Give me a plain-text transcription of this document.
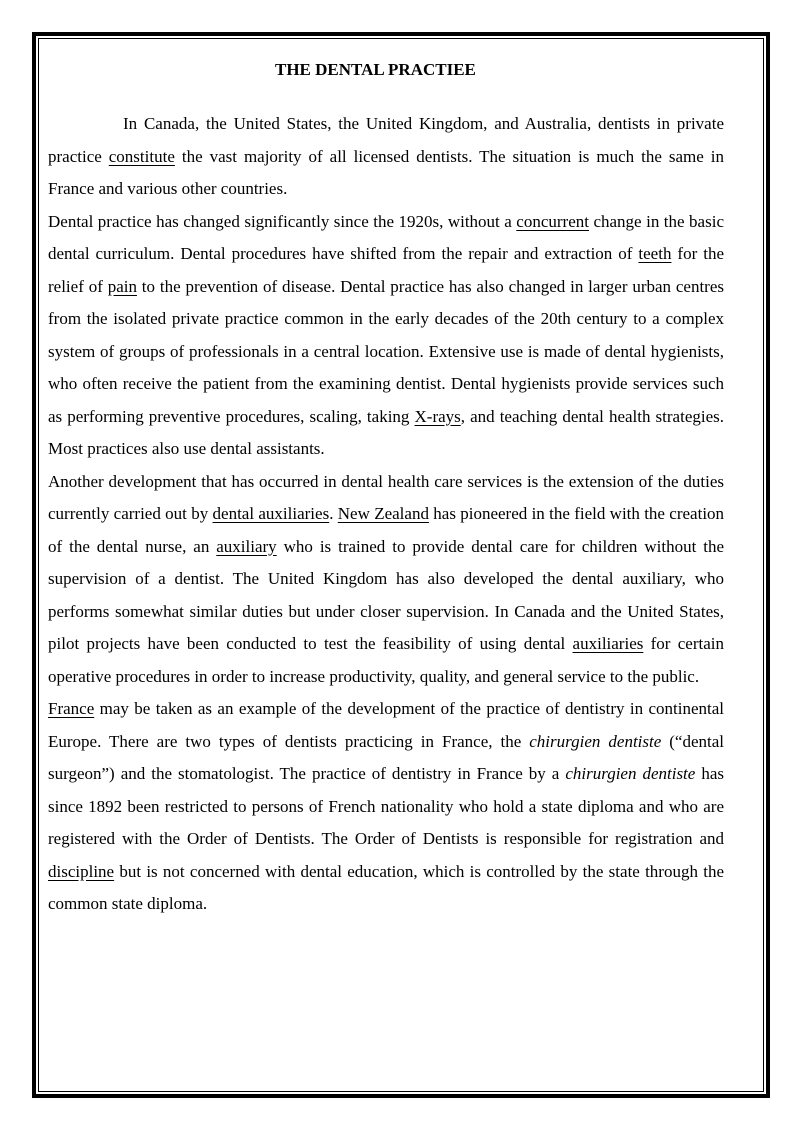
THE DENTAL PRACTIEE

In Canada, the United States, the United Kingdom, and Australia, dentists in private practice constitute the vast majority of all licensed dentists. The situation is much the same in France and various other countries.

Dental practice has changed significantly since the 1920s, without a concurrent change in the basic dental curriculum. Dental procedures have shifted from the repair and extraction of teeth for the relief of pain to the prevention of disease. Dental practice has also changed in larger urban centres from the isolated private practice common in the early decades of the 20th century to a complex system of groups of professionals in a central location. Extensive use is made of dental hygienists, who often receive the patient from the examining dentist. Dental hygienists provide services such as performing preventive procedures, scaling, taking X-rays, and teaching dental health strategies. Most practices also use dental assistants.

Another development that has occurred in dental health care services is the extension of the duties currently carried out by dental auxiliaries. New Zealand has pioneered in the field with the creation of the dental nurse, an auxiliary who is trained to provide dental care for children without the supervision of a dentist. The United Kingdom has also developed the dental auxiliary, who performs somewhat similar duties but under closer supervision. In Canada and the United States, pilot projects have been conducted to test the feasibility of using dental auxiliaries for certain operative procedures in order to increase productivity, quality, and general service to the public.

France may be taken as an example of the development of the practice of dentistry in continental Europe. There are two types of dentists practicing in France, the chirurgien dentiste (“dental surgeon”) and the stomatologist. The practice of dentistry in France by a chirurgien dentiste has since 1892 been restricted to persons of French nationality who hold a state diploma and who are registered with the Order of Dentists. The Order of Dentists is responsible for registration and discipline but is not concerned with dental education, which is controlled by the state through the common state diploma.
